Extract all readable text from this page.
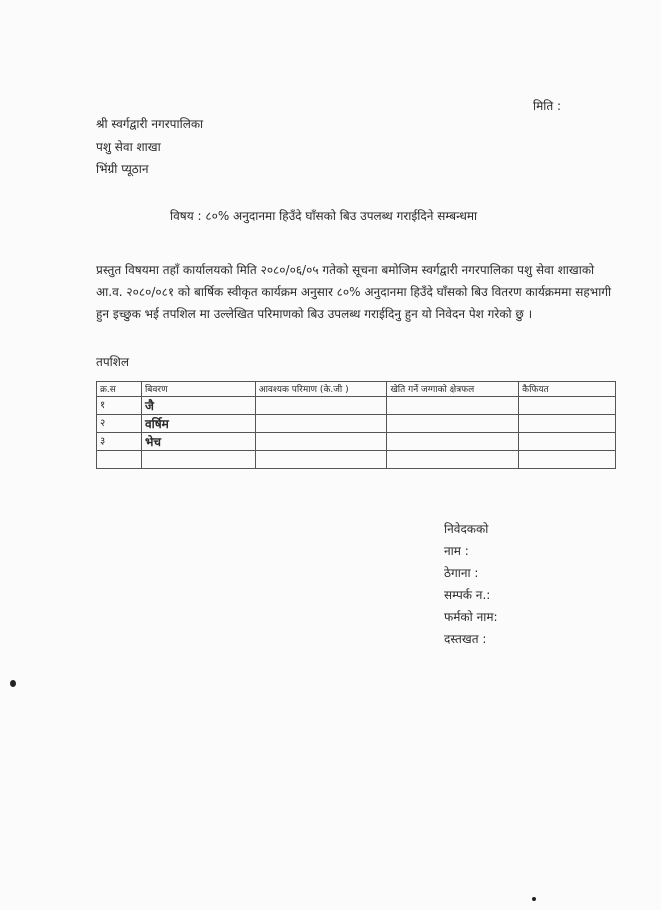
मिति :
श्री स्वर्गद्वारी नगरपालिका
पशु सेवा शाखा
भिंग्री प्यूठान
विषय : ८०% अनुदानमा हिउँदे घाँसको बिउ उपलब्ध गराईदिने सम्बन्धमा
प्रस्तुत विषयमा तहाँ कार्यालयको मिति २०८०/०६/०५ गतेको सूचना बमोजिम स्वर्गद्वारी नगरपालिका पशु सेवा शाखाको आ.व. २०८०/०८१ को बार्षिक स्वीकृत कार्यक्रम अनुसार ८०% अनुदानमा हिउँदे घाँसको बिउ वितरण कार्यक्रममा सहभागी हुन इच्छुक भई तपशिल मा उल्लेखित परिमाणको बिउ उपलब्ध गराईदिनु हुन यो निवेदन पेश गरेको छु ।
तपशिल
क्र.स	बिवरण	आवश्यक परिमाण (के.जी )	खेति गर्ने जग्गाको क्षेत्रफल	कैफियत
१	जै			
२	वर्षिम			
३	भेच			

निवेदकको
नाम :
ठेगाना :
सम्पर्क न.:
फर्मको नाम:
दस्तखत :
